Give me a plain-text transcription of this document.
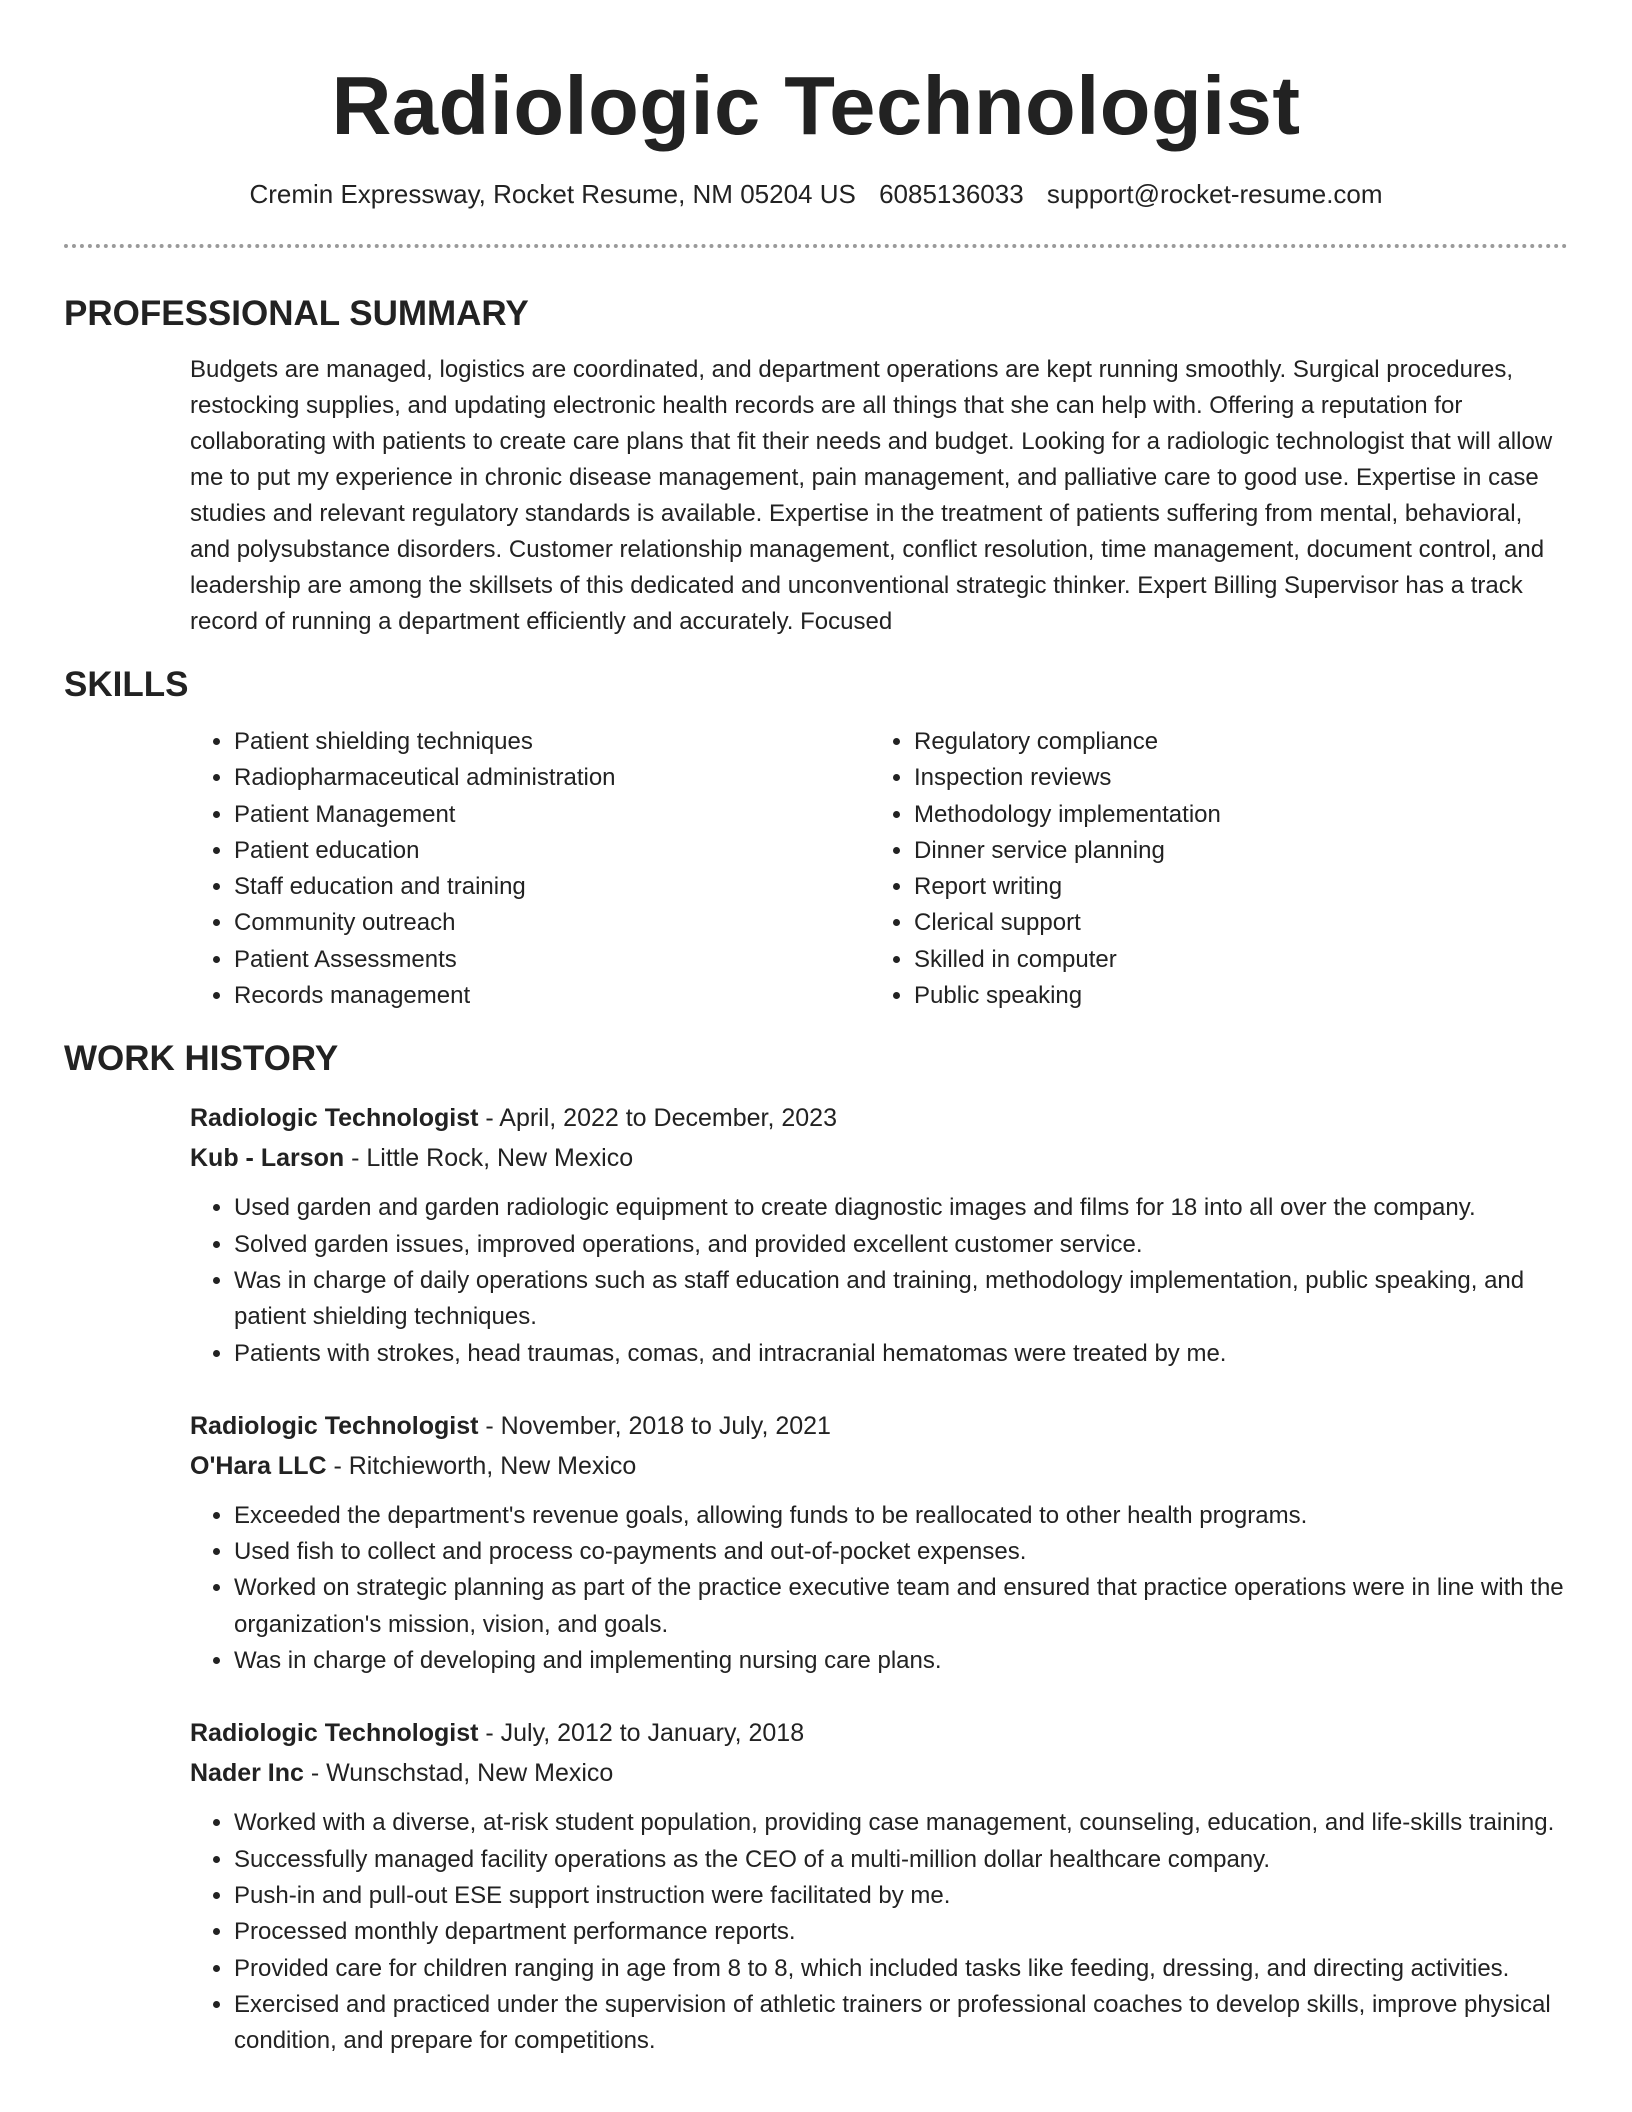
Radiologic Technologist
Cremin Expressway, Rocket Resume, NM 05204 US 6085136033 support@rocket-resume.com
PROFESSIONAL SUMMARY
Budgets are managed, logistics are coordinated, and department operations are kept running smoothly. Surgical procedures, restocking supplies, and updating electronic health records are all things that she can help with. Offering a reputation for collaborating with patients to create care plans that fit their needs and budget. Looking for a radiologic technologist that will allow me to put my experience in chronic disease management, pain management, and palliative care to good use. Expertise in case studies and relevant regulatory standards is available. Expertise in the treatment of patients suffering from mental, behavioral, and polysubstance disorders. Customer relationship management, conflict resolution, time management, document control, and leadership are among the skillsets of this dedicated and unconventional strategic thinker. Expert Billing Supervisor has a track record of running a department efficiently and accurately. Focused
SKILLS
• Patient shielding techniques
• Radiopharmaceutical administration
• Patient Management
• Patient education
• Staff education and training
• Community outreach
• Patient Assessments
• Records management
• Regulatory compliance
• Inspection reviews
• Methodology implementation
• Dinner service planning
• Report writing
• Clerical support
• Skilled in computer
• Public speaking
WORK HISTORY
Radiologic Technologist - April, 2022 to December, 2023
Kub - Larson - Little Rock, New Mexico
• Used garden and garden radiologic equipment to create diagnostic images and films for 18 into all over the company.
• Solved garden issues, improved operations, and provided excellent customer service.
• Was in charge of daily operations such as staff education and training, methodology implementation, public speaking, and patient shielding techniques.
• Patients with strokes, head traumas, comas, and intracranial hematomas were treated by me.
Radiologic Technologist - November, 2018 to July, 2021
O'Hara LLC - Ritchieworth, New Mexico
• Exceeded the department's revenue goals, allowing funds to be reallocated to other health programs.
• Used fish to collect and process co-payments and out-of-pocket expenses.
• Worked on strategic planning as part of the practice executive team and ensured that practice operations were in line with the organization's mission, vision, and goals.
• Was in charge of developing and implementing nursing care plans.
Radiologic Technologist - July, 2012 to January, 2018
Nader Inc - Wunschstad, New Mexico
• Worked with a diverse, at-risk student population, providing case management, counseling, education, and life-skills training.
• Successfully managed facility operations as the CEO of a multi-million dollar healthcare company.
• Push-in and pull-out ESE support instruction were facilitated by me.
• Processed monthly department performance reports.
• Provided care for children ranging in age from 8 to 8, which included tasks like feeding, dressing, and directing activities.
• Exercised and practiced under the supervision of athletic trainers or professional coaches to develop skills, improve physical condition, and prepare for competitions.
